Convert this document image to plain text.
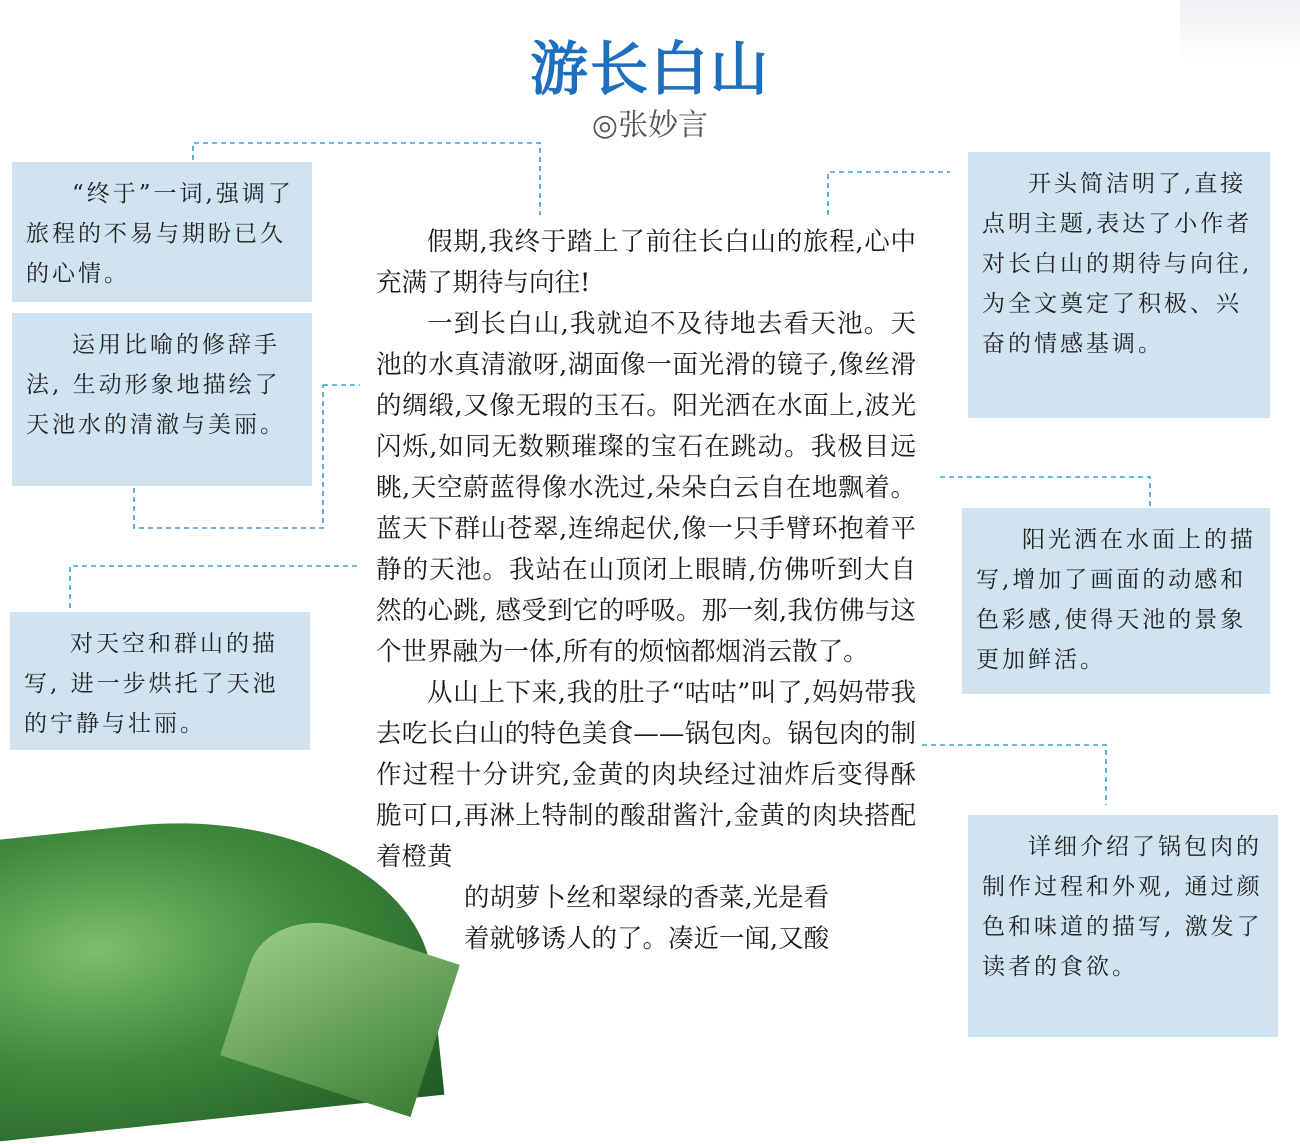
游长白山
◎张妙言

“终于”一词,强调了旅程的不易与期盼已久的心情。

运用比喻的修辞手法, 生动形象地描绘了天池水的清澈与美丽。

对天空和群山的描写, 进一步烘托了天池的宁静与壮丽。

开头简洁明了,直接点明主题,表达了小作者对长白山的期待与向往,为全文奠定了积极、兴奋的情感基调。

阳光洒在水面上的描写,增加了画面的动感和色彩感,使得天池的景象更加鲜活。

详细介绍了锅包肉的制作过程和外观, 通过颜色和味道的描写, 激发了读者的食欲。

假期,我终于踏上了前往长白山的旅程,心中充满了期待与向往!

一到长白山,我就迫不及待地去看天池。天池的水真清澈呀,湖面像一面光滑的镜子,像丝滑的绸缎,又像无瑕的玉石。阳光洒在水面上,波光闪烁,如同无数颗璀璨的宝石在跳动。我极目远眺,天空蔚蓝得像水洗过,朵朵白云自在地飘着。蓝天下群山苍翠,连绵起伏,像一只手臂环抱着平静的天池。我站在山顶闭上眼睛,仿佛听到大自然的心跳, 感受到它的呼吸。那一刻,我仿佛与这个世界融为一体,所有的烦恼都烟消云散了。

从山上下来,我的肚子“咕咕”叫了,妈妈带我去吃长白山的特色美食——锅包肉。锅包肉的制作过程十分讲究,金黄的肉块经过油炸后变得酥脆可口,再淋上特制的酸甜酱汁,金黄的肉块搭配着橙黄

的胡萝卜丝和翠绿的香菜,光是看

着就够诱人的了。凑近一闻,又酸
